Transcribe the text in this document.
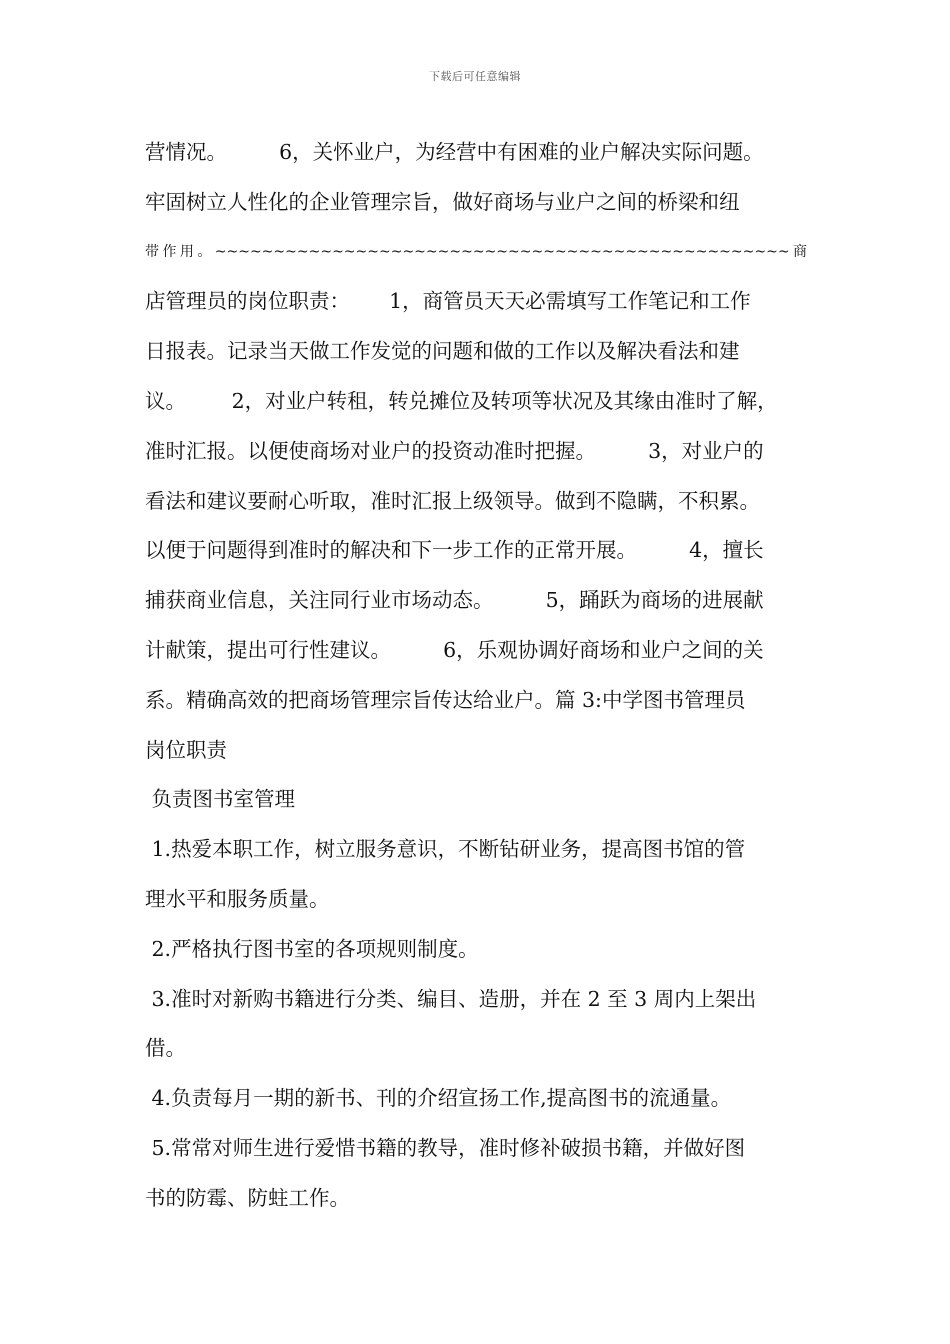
下载后可任意编辑
营情况。        6，关怀业户，为经营中有困难的业户解决实际问题。
牢固树立人性化的企业管理宗旨，做好商场与业户之间的桥梁和纽
带作用。~~~~~~~~~~~~~~~~~~~~~~~~~~~~~~~~~~~~~~~~~~~~~~~~~商
店管理员的岗位职责：      1，商管员天天必需填写工作笔记和工作
日报表。记录当天做工作发觉的问题和做的工作以及解决看法和建
议。       2，对业户转租，转兑摊位及转项等状况及其缘由准时了解，
准时汇报。以便使商场对业户的投资动准时把握。        3，对业户的
看法和建议要耐心听取，准时汇报上级领导。做到不隐瞒，不积累。
以便于问题得到准时的解决和下一步工作的正常开展。        4，擅长
捕获商业信息，关注同行业市场动态。        5，踊跃为商场的进展献
计献策，提出可行性建议。        6，乐观协调好商场和业户之间的关
系。精确高效的把商场管理宗旨传达给业户。篇 3:中学图书管理员
岗位职责
负责图书室管理
1.热爱本职工作，树立服务意识，不断钻研业务，提高图书馆的管
理水平和服务质量。
2.严格执行图书室的各项规则制度。
3.准时对新购书籍进行分类、编目、造册，并在 2 至 3 周内上架出
借。
4.负责每月一期的新书、刊的介绍宣扬工作,提高图书的流通量。
5.常常对师生进行爱惜书籍的教导，准时修补破损书籍，并做好图
书的防霉、防蛀工作。
